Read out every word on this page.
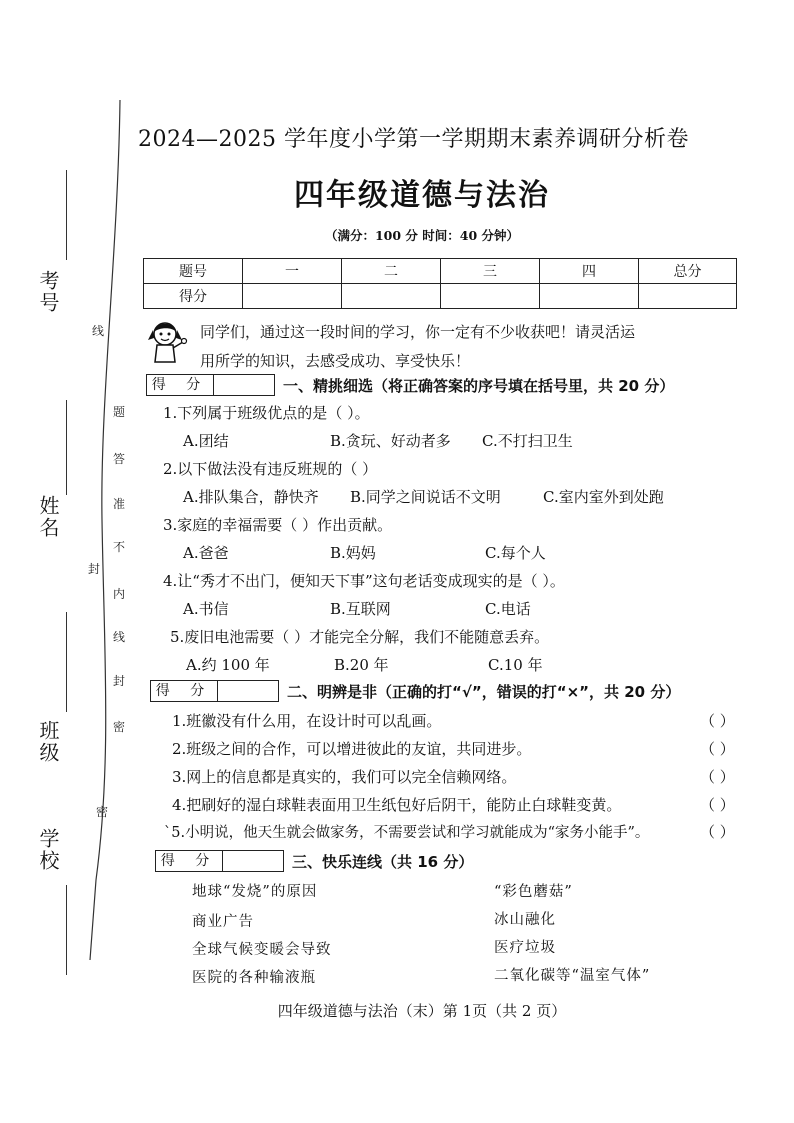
考号
姓名
班级
学校
线
封
密
题
答
准
不
内
线
封
密
2024—2025 学年度小学第一学期期末素养调研分析卷
四年级道德与法治
（满分：100 分 时间：40 分钟）
题号	一	二	三	四	总分
得分					
同学们，通过这一段时间的学习，你一定有不少收获吧！请灵活运
用所学的知识，去感受成功、享受快乐！
得 分	一、精挑细选（将正确答案的序号填在括号里，共 20 分）
1.下列属于班级优点的是（ ）。
A.团结	B.贪玩、好动者多 C.不打扫卫生
2.以下做法没有违反班规的（ ）
A.排队集合，静快齐 B.同学之间说话不文明	C.室内室外到处跑
3.家庭的幸福需要（ ）作出贡献。
A.爸爸	B.妈妈	C.每个人
4.让“秀才不出门，便知天下事”这句老话变成现实的是（ ）。
A.书信	B.互联网	C.电话
5.废旧电池需要（ ）才能完全分解，我们不能随意丢弃。
A.约 100 年	B.20 年	C.10 年
得 分	二、明辨是非（正确的打“√”，错误的打“×”，共 20 分）
1.班徽没有什么用，在设计时可以乱画。	（ ）
2.班级之间的合作，可以增进彼此的友谊，共同进步。	（ ）
3.网上的信息都是真实的，我们可以完全信赖网络。	（ ）
4.把刷好的湿白球鞋表面用卫生纸包好后阴干，能防止白球鞋变黄。	（ ）
`5.小明说，他天生就会做家务，不需要尝试和学习就能成为“家务小能手”。	（ ）
得 分	三、快乐连线（共 16 分）
地球“发烧”的原因
商业广告
全球气候变暖会导致
医院的各种输液瓶
“彩色蘑菇”
冰山融化
医疗垃圾
二氧化碳等“温室气体”
四年级道德与法治（末）第 1页（共 2 页）
